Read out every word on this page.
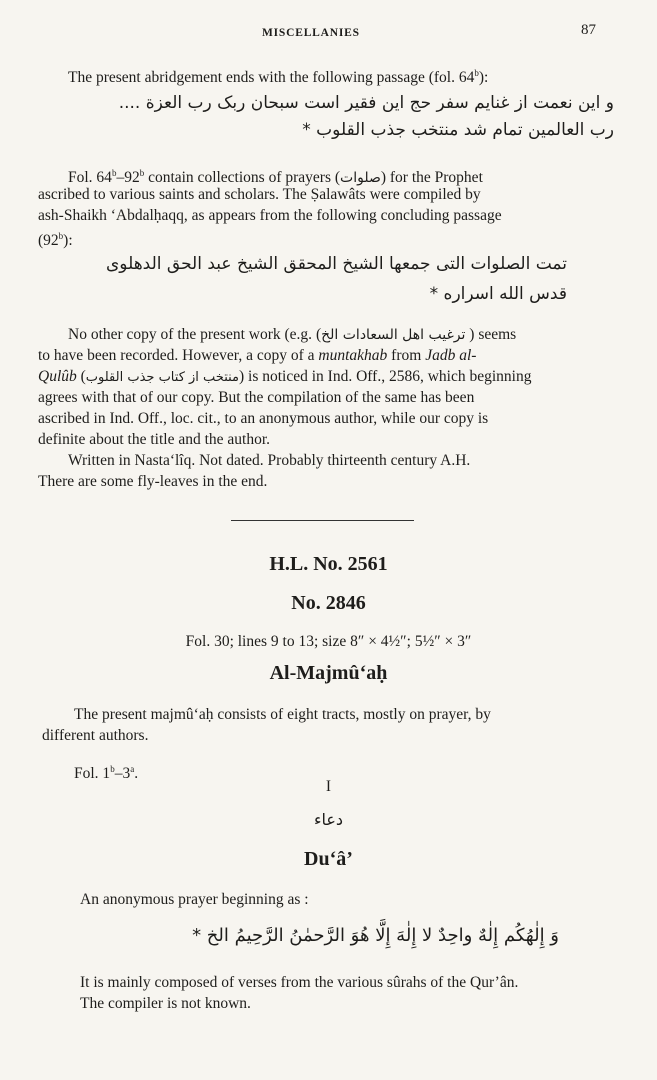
MISCELLANIES	87
The present abridgement ends with the following passage (fol. 64$^b$):
و این نعمت از غنایم سفر حج این فقیر است سبحان ربک رب العزة ....
رب العالمین تمام شد منتخب جذب القلوب *
Fol. 64$^b$–92$^b$ contain collections of prayers (صلوات) for the Prophet
ascribed to various saints and scholars. The Ṣalawâts were compiled by
ash-Shaikh ‘Abdalḥaqq, as appears from the following concluding passage
(92$^b$):
تمت الصلوات التی جمعها الشیخ المحقق الشیخ عبد الحق الدهلوی
قدس الله اسراره *
No other copy of the present work (e.g. (ترغیب اهل السعادات الخ ) seems
to have been recorded. However, a copy of a muntakhab from Jadb al-
Qulûb (منتخب از کتاب جذب القلوب) is noticed in Ind. Off., 2586, which beginning
agrees with that of our copy. But the compilation of the same has been
ascribed in Ind. Off., loc. cit., to an anonymous author, while our copy is
definite about the title and the author.
Written in Nasta‘lîq. Not dated. Probably thirteenth century A.H.
There are some fly-leaves in the end.
H.L. No. 2561
No. 2846
Fol. 30; lines 9 to 13; size 8″ × 4½″; 5½″ × 3″
Al-Majmû‘aḥ
The present majmû‘aḥ consists of eight tracts, mostly on prayer, by
different authors.
Fol. 1$^b$–3$^a$.
I
دعاء
Du‘â’
An anonymous prayer beginning as :
وَ إِلٰهُكُم إِلٰهٌ واحِدٌ لا إِلٰهَ إِلَّا هُوَ الرَّحمٰنُ الرَّحِيمُ الخ *
It is mainly composed of verses from the various sûrahs of the Qur’ân.
The compiler is not known.
